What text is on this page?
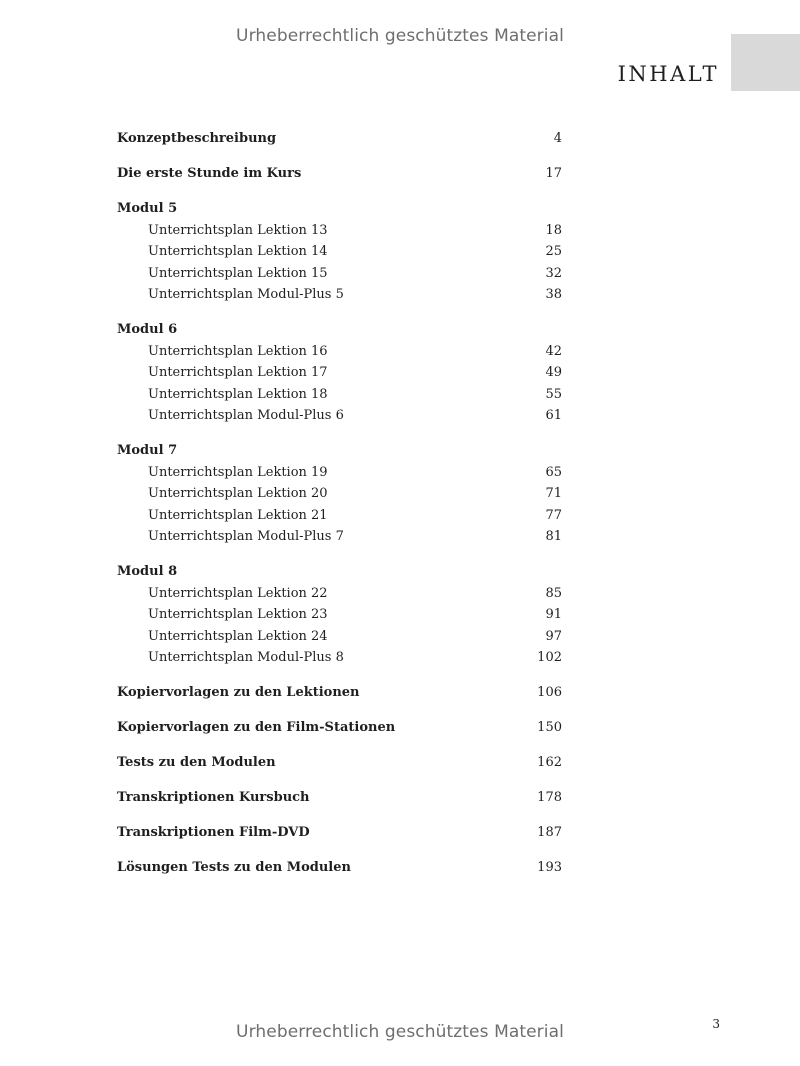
Urheberrechtlich geschütztes Material
INHALT
Konzeptbeschreibung	4
Die erste Stunde im Kurs	17
Modul 5
Unterrichtsplan Lektion 13	18
Unterrichtsplan Lektion 14	25
Unterrichtsplan Lektion 15	32
Unterrichtsplan Modul-Plus 5	38
Modul 6
Unterrichtsplan Lektion 16	42
Unterrichtsplan Lektion 17	49
Unterrichtsplan Lektion 18	55
Unterrichtsplan Modul-Plus 6	61
Modul 7
Unterrichtsplan Lektion 19	65
Unterrichtsplan Lektion 20	71
Unterrichtsplan Lektion 21	77
Unterrichtsplan Modul-Plus 7	81
Modul 8
Unterrichtsplan Lektion 22	85
Unterrichtsplan Lektion 23	91
Unterrichtsplan Lektion 24	97
Unterrichtsplan Modul-Plus 8	102
Kopiervorlagen zu den Lektionen	106
Kopiervorlagen zu den Film-Stationen	150
Tests zu den Modulen	162
Transkriptionen Kursbuch	178
Transkriptionen Film-DVD	187
Lösungen Tests zu den Modulen	193
3
Urheberrechtlich geschütztes Material
